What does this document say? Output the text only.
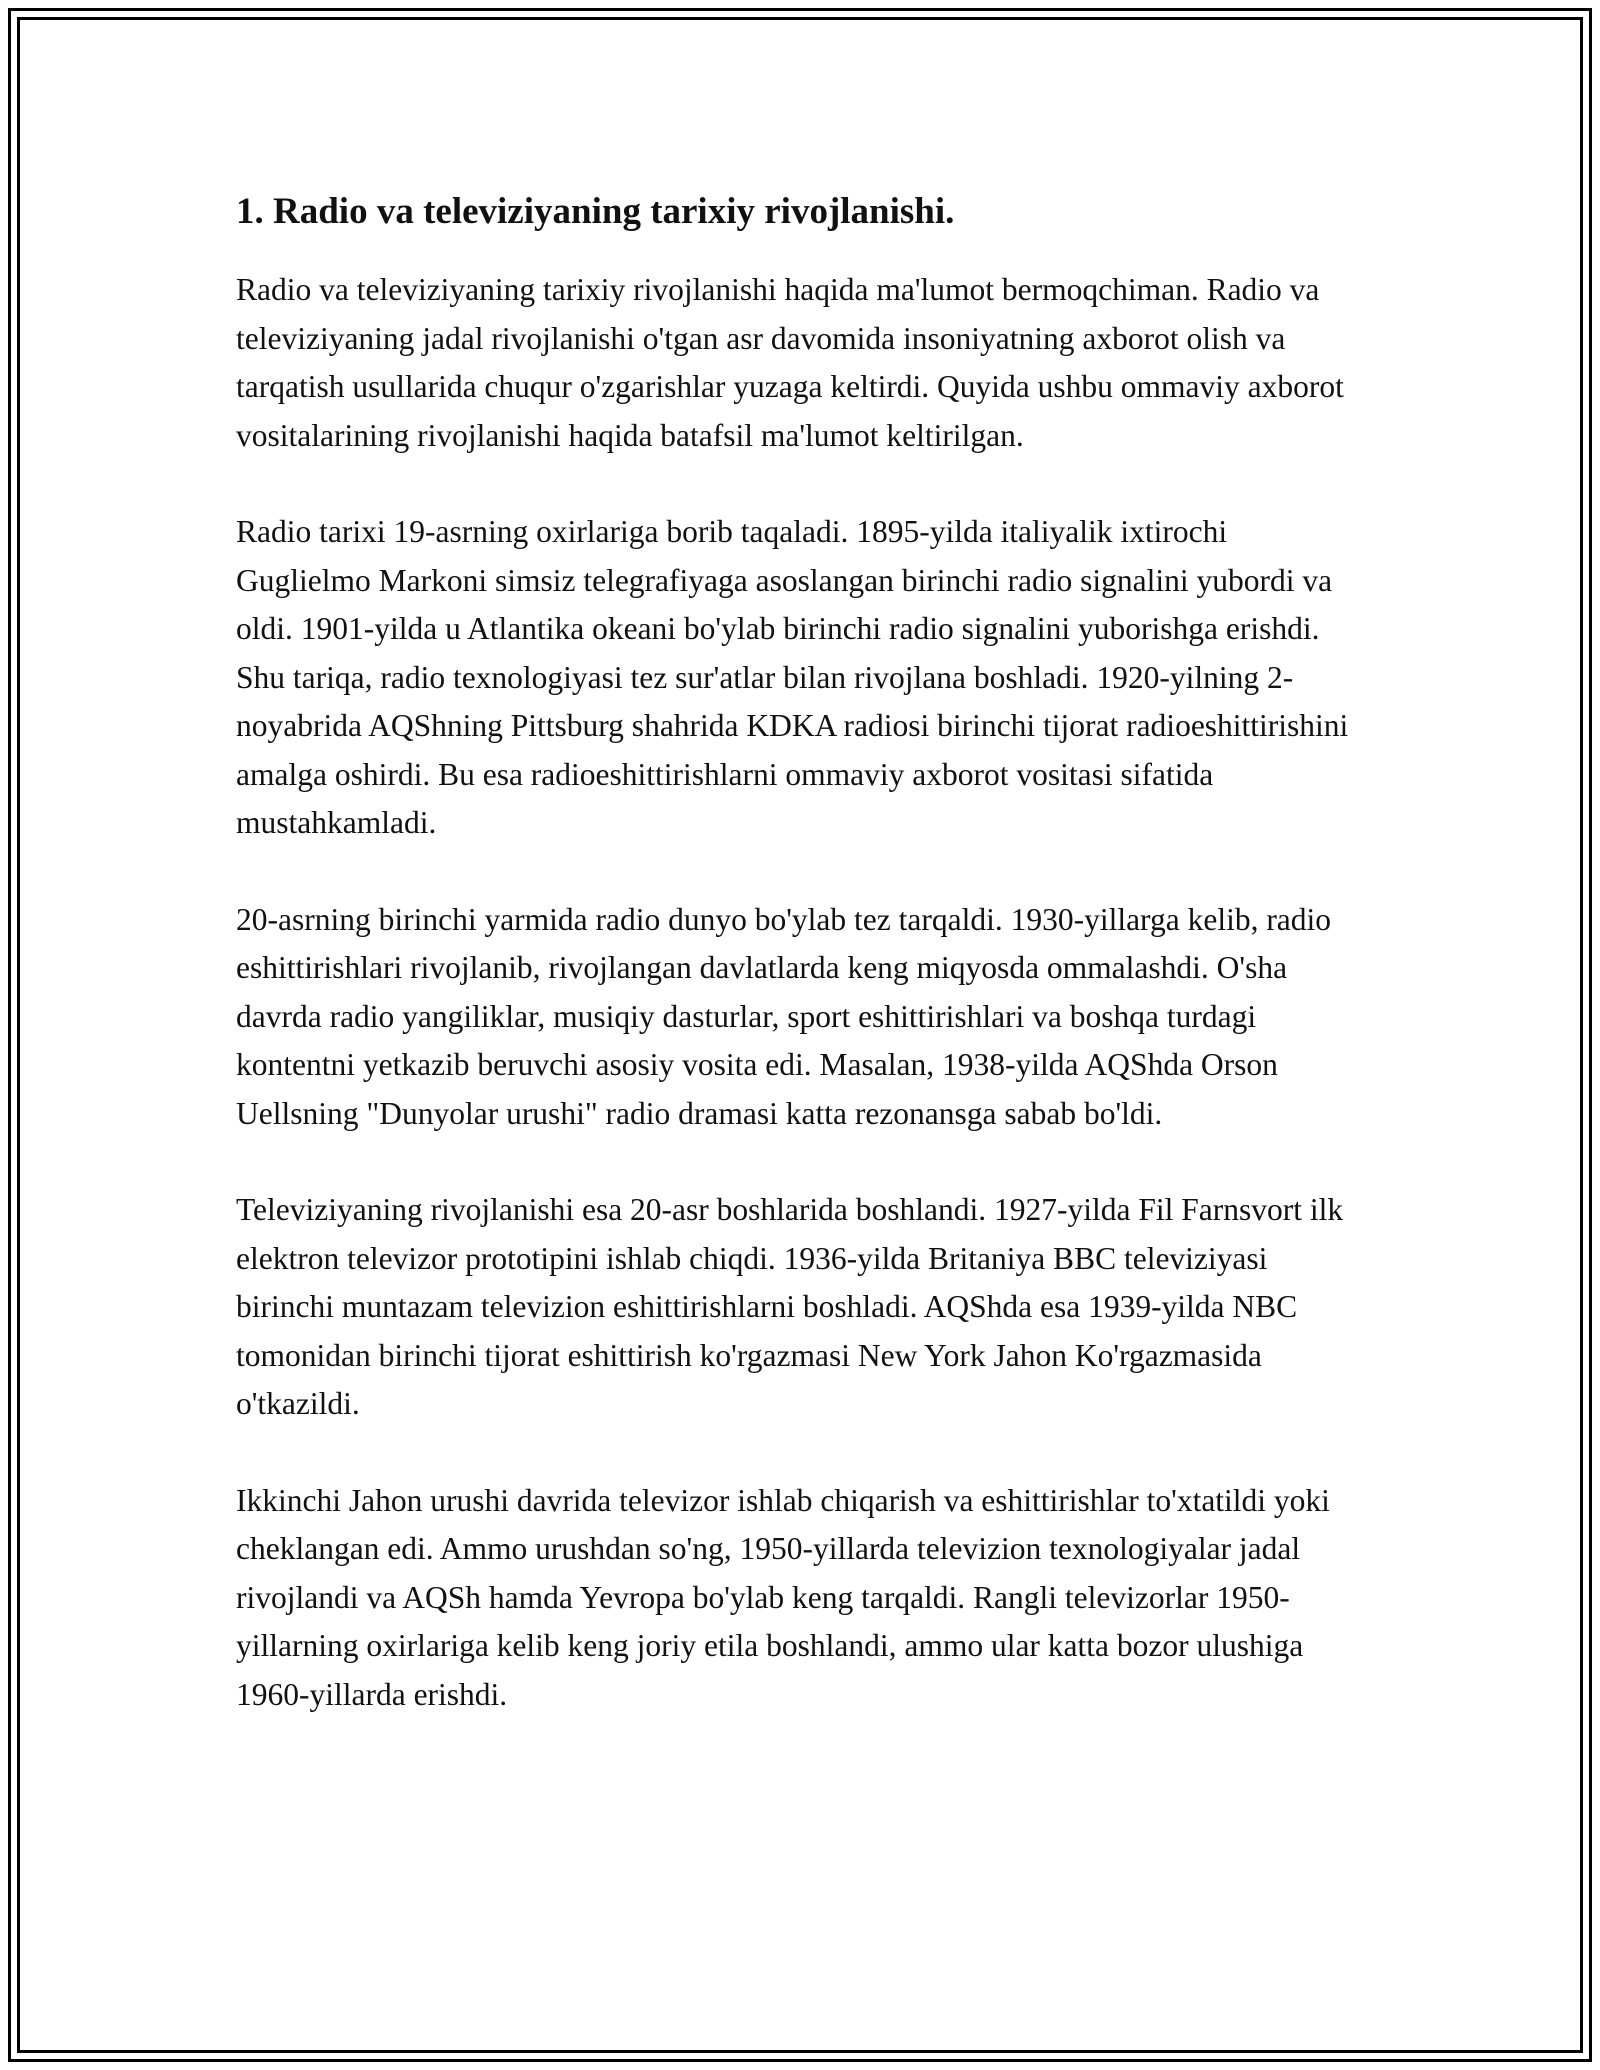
1. Radio va televiziyaning tarixiy rivojlanishi.

Radio va televiziyaning tarixiy rivojlanishi haqida ma'lumot bermoqchiman. Radio va televiziyaning jadal rivojlanishi o'tgan asr davomida insoniyatning axborot olish va tarqatish usullarida chuqur o'zgarishlar yuzaga keltirdi. Quyida ushbu ommaviy axborot vositalarining rivojlanishi haqida batafsil ma'lumot keltirilgan.

Radio tarixi 19-asrning oxirlariga borib taqaladi. 1895-yilda italiyalik ixtirochi Guglielmo Markoni simsiz telegrafiyaga asoslangan birinchi radio signalini yubordi va oldi. 1901-yilda u Atlantika okeani bo'ylab birinchi radio signalini yuborishga erishdi. Shu tariqa, radio texnologiyasi tez sur'atlar bilan rivojlana boshladi. 1920-yilning 2-noyabrida AQShning Pittsburg shahrida KDKA radiosi birinchi tijorat radioeshittirishini amalga oshirdi. Bu esa radioeshittirishlarni ommaviy axborot vositasi sifatida mustahkamladi.

20-asrning birinchi yarmida radio dunyo bo'ylab tez tarqaldi. 1930-yillarga kelib, radio eshittirishlari rivojlanib, rivojlangan davlatlarda keng miqyosda ommalashdi. O'sha davrda radio yangiliklar, musiqiy dasturlar, sport eshittirishlari va boshqa turdagi kontentni yetkazib beruvchi asosiy vosita edi. Masalan, 1938-yilda AQShda Orson Uellsning "Dunyolar urushi" radio dramasi katta rezonansga sabab bo'ldi.

Televiziyaning rivojlanishi esa 20-asr boshlarida boshlandi. 1927-yilda Fil Farnsvort ilk elektron televizor prototipini ishlab chiqdi. 1936-yilda Britaniya BBC televiziyasi birinchi muntazam televizion eshittirishlarni boshladi. AQShda esa 1939-yilda NBC tomonidan birinchi tijorat eshittirish ko'rgazmasi New York Jahon Ko'rgazmasida o'tkazildi.

Ikkinchi Jahon urushi davrida televizor ishlab chiqarish va eshittirishlar to'xtatildi yoki cheklangan edi. Ammo urushdan so'ng, 1950-yillarda televizion texnologiyalar jadal rivojlandi va AQSh hamda Yevropa bo'ylab keng tarqaldi. Rangli televizorlar 1950-yillarning oxirlariga kelib keng joriy etila boshlandi, ammo ular katta bozor ulushiga 1960-yillarda erishdi.
